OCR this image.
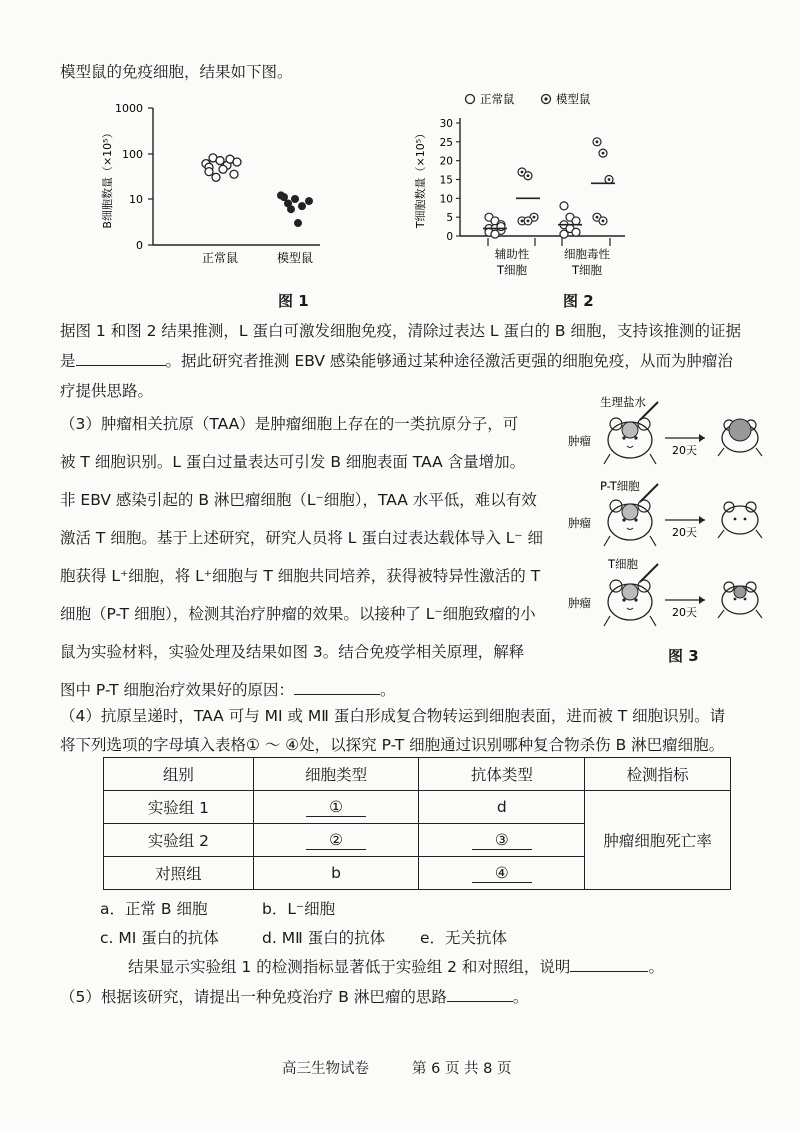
模型鼠的免疫细胞，结果如下图。
B细胞数量（×10⁵）
1000
100
10
0
正常鼠	模型鼠
图 1
正常鼠	模型鼠
T细胞数量（×10⁵）
30
25
20
15
10
5
0
辅助性
T细胞
细胞毒性
T细胞
图 2
据图 1 和图 2 结果推测，L 蛋白可激发细胞免疫，清除过表达 L 蛋白的 B 细胞，支持该推测的证据
是	。据此研究者推测 EBV 感染能够通过某种途径激活更强的细胞免疫，从而为肿瘤治
疗提供思路。
（3）肿瘤相关抗原（TAA）是肿瘤细胞上存在的一类抗原分子，可
被 T 细胞识别。L 蛋白过量表达可引发 B 细胞表面 TAA 含量增加。
非 EBV 感染引起的 B 淋巴瘤细胞（L⁻细胞），TAA 水平低，难以有效
激活 T 细胞。基于上述研究，研究人员将 L 蛋白过表达载体导入 L⁻ 细
胞获得 L⁺细胞，将 L⁺细胞与 T 细胞共同培养，获得被特异性激活的 T
细胞（P-T 细胞），检测其治疗肿瘤的效果。以接种了 L⁻细胞致瘤的小
鼠为实验材料，实验处理及结果如图 3。结合免疫学相关原理，解释
图中 P-T 细胞治疗效果好的原因：	。
生理盐水
肿瘤
20天
P-T细胞
肿瘤
20天
T细胞
肿瘤
20天
图 3
（4）抗原呈递时，TAA 可与 MⅠ 或 MⅡ 蛋白形成复合物转运到细胞表面，进而被 T 细胞识别。请
将下列选项的字母填入表格① ～ ④处，以探究 P-T 细胞通过识别哪种复合物杀伤 B 淋巴瘤细胞。
组别	细胞类型	抗体类型	检测指标
实验组 1	①	d	肿瘤细胞死亡率
实验组 2	②	③	
对照组	b	④	
a．正常 B 细胞	b．L⁻细胞
c. MⅠ 蛋白的抗体	d. MⅡ 蛋白的抗体 e．无关抗体
结果显示实验组 1 的检测指标显著低于实验组 2 和对照组，说明	。
（5）根据该研究，请提出一种免疫治疗 B 淋巴瘤的思路	。
高三生物试卷	第 6 页 共 8 页
